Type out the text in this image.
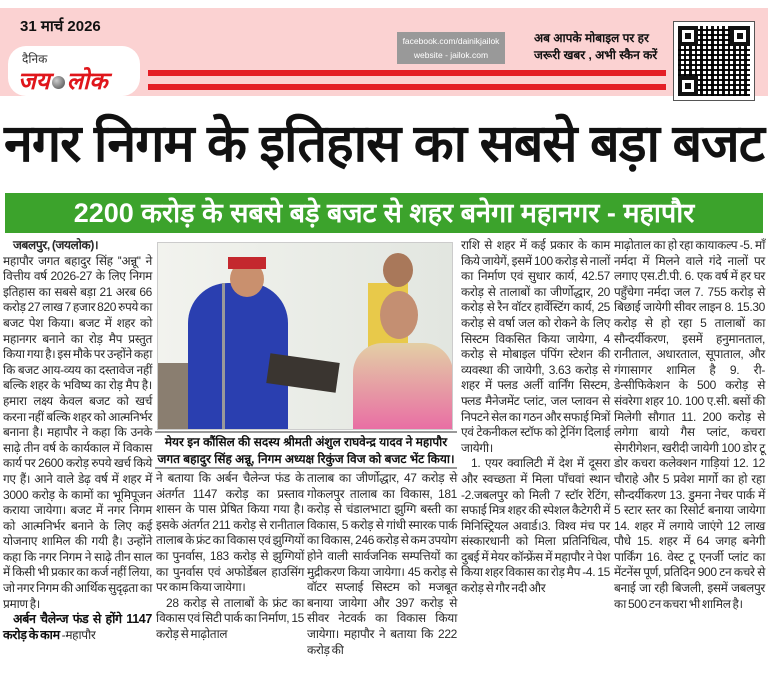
31 मार्च 2026
दैनिक
जय लोक
facebook.com/dainikjailok
website - jailok.com
अब आपके मोबाइल पर हर
जरूरी खबर , अभी स्कैन करें
नगर निगम के इतिहास का सबसे बड़ा बजट
2200 करोड़ के सबसे बड़े बजट से शहर बनेगा महानगर - महापौर

जबलपुर, (जयलोक)।

महापौर जगत बहादुर सिंह ''अन्नू'' ने वित्तीय वर्ष 2026-27 के लिए निगम इतिहास का सबसे बड़ा 21 अरब 66 करोड़ 27 लाख 7 हजार 820 रुपये का बजट पेश किया। बजट में शहर को महानगर बनाने का रोड़ मैप प्रस्तुत किया गया है। इस मौके पर उन्होंने कहा कि बजट आय-व्यय का दस्तावेज नहीं बल्कि शहर के भविष्य का रोड़ मैप है। हमारा लक्ष्य केवल बजट को खर्च करना नहीं बल्कि शहर को आत्मनिर्भर बनाना है। महापौर ने कहा कि उनके साढ़े तीन वर्ष के कार्यकाल में विकास कार्य पर 2600 करोड़ रुपये खर्च किये गए हैं। आने वाले डेढ़ वर्ष में शहर में 3000 करोड़ के कामों का भूमिपूजन कराया जायेगा। बजट में नगर निगम को आत्मनिर्भर बनाने के लिए कई योजनाए शामिल की गयी है। उन्होंने कहा कि नगर निगम ने साढ़े तीन साल में किसी भी प्रकार का कर्ज नहीं लिया, जो नगर निगम की आर्थिक सुदृढ़ता का प्रमाण है।

अर्बन चैलेन्ज फंड से होंगे 1147 करोड़ के काम -महापौर

मेयर इन कौंसिल की सदस्य श्रीमती अंशुल राघवेन्द्र यादव ने महापौर जगत बहादुर सिंह अन्नू, निगम अध्यक्ष रिकुंज विज को बजट भेंट किया।

ने बताया कि अर्बन चैलेन्ज फंड के अंतर्गत 1147 करोड़ का प्रस्ताव शासन के पास प्रेषित किया गया है। इसके अंतर्गत 211 करोड़ से रानीताल तालाब के फ्रंट का विकास एवं झुग्गियों का पुनर्वास, 183 करोड़ से झुग्गियों का पुनर्वास एवं अफोर्डेबल हाउसिंग पर काम किया जायेगा।

28 करोड़ से तालाबों के फ्रंट का विकास एवं सिटी पार्क का निर्माण, 15 करोड़ से माढ़ोताल

तालाब का जीर्णोद्धार, 47 करोड़ से गोकलपुर तालाब का विकास, 181 करोड़ से चंडालभाटा झुग्गि बस्ती का विकास, 5 करोड़ से गांधी स्मारक पार्क का विकास, 246 करोड़ से कम उपयोग होने वाली सार्वजनिक सम्पत्तियों का मुद्रीकरण किया जायेगा। 45 करोड़ से वॉटर सप्लाई सिस्टम को मजबूत बनाया जायेगा और 397 करोड़ से सीवर नेटवर्क का विकास किया जायेगा। महापौर ने बताया कि 222 करोड़ की

राशि से शहर में कई प्रकार के काम किये जायेगें, इसमें 100 करोड़ से नालों का निर्माण एवं सुधार कार्य, 42.57 करोड़ से तालाबों का जीर्णोद्धार, 20 करोड़ से रैन वॉटर हार्वेस्टिंग कार्य, 25 करोड़ से वर्षा जल को रोकने के लिए सिस्टम विकसित किया जायेगा, 4 करोड़ से मोबाइल पंपिंग स्टेशन की व्यवस्था की जायेगी, 3.63 करोड़ से शहर में फ्लड अर्ली वार्निंग सिस्टम, फ्लड मैनेजमेंट प्लांट, जल प्लावन से निपटने सेल का गठन और सफाई मित्रों एवं टेकनीकल स्टॉफ को ट्रेनिंग दिलाई जायेगी।

1. एयर क्वालिटी में देश में दूसरा और स्वच्छता में मिला पाँचवां स्थान -2.जबलपुर को मिली 7 स्टॉर रेटिंग, सफाई मित्र शहर की स्पेशल कैटेगरी में मिनिस्ट्रियल अवार्ड।3. विश्व मंच पर संस्कारधानी को मिला प्रतिनिधित्व, दुबई में मेयर कॉन्फ्रेंस में महापौर ने पेश किया शहर विकास का रोड़ मैप -4. 15 करोड़ से गौर नदी और

माढ़ोताल का हो रहा कायाकल्प -5. माँ नर्मदा में मिलने वाले गंदे नालों पर लगाए एस.टी.पी. 6. एक वर्ष में हर घर पहुँचेगा नर्मदा जल 7. 755 करोड़ से बिछाई जायेगी सीवर लाइन 8. 15.30 करोड़ से हो रहा 5 तालाबों का सौन्दर्यीकरण, इसमें हनुमानताल, रानीताल, अधारताल, सूपाताल, और गंगासागर शामिल है 9. री-डेन्सीफिकेशन के 500 करोड़ से संवरेगा शहर 10. 100 ए.सी. बसों की मिलेगी सौगात 11. 200 करोड़ से लगेगा बायो गैस प्लांट, कचरा सेगरीगेशन, खरीदी जायेगी 100 डोर टू डोर कचरा कलेक्शन गाड़ियां 12. 12 चौराहे और 5 प्रवेश मार्गो का हो रहा सौन्दर्यीकरण 13. डुमना नेचर पार्क में 5 स्टार स्तर का रिसोर्ट बनाया जायेगा 14. शहर में लगाये जाएंगे 12 लाख पौधे 15. शहर में 64 जगह बनेगी पार्किंग 16. वेस्ट टू एनर्जी प्लांट का मेंटनेंस पूर्ण, प्रतिदिन 900 टन कचरे से बनाई जा रही बिजली, इसमें जबलपुर का 500 टन कचरा भी शामिल है।
